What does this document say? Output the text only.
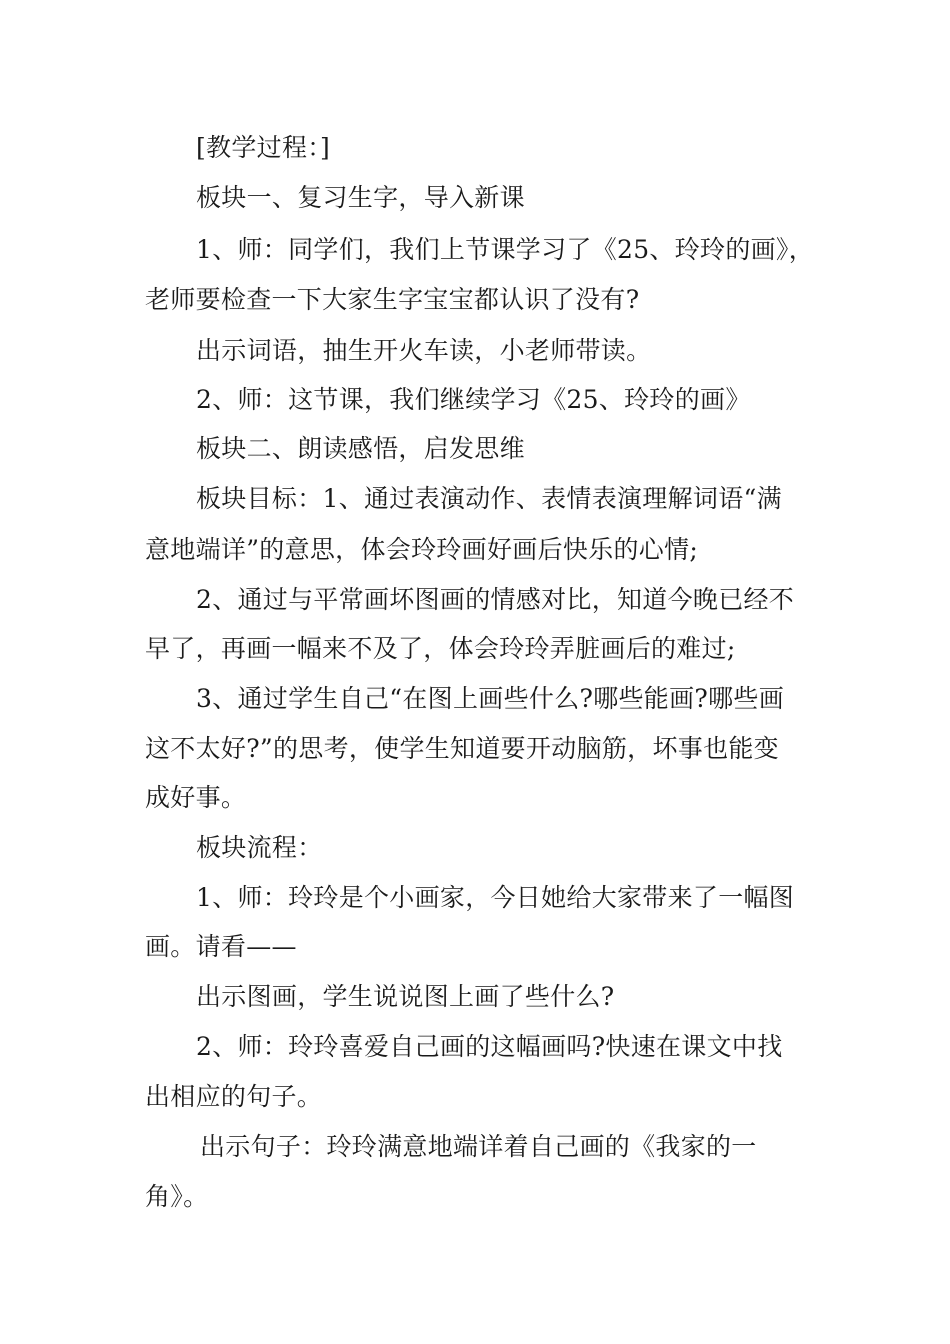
[教学过程：]
板块一、复习生字，导入新课
1、师：同学们，我们上节课学习了《25、玲玲的画》，
老师要检查一下大家生字宝宝都认识了没有?
出示词语，抽生开火车读，小老师带读。
2、师：这节课，我们继续学习《25、玲玲的画》
板块二、朗读感悟，启发思维
板块目标：1、通过表演动作、表情表演理解词语“满
意地端详”的意思，体会玲玲画好画后快乐的心情;
2、通过与平常画坏图画的情感对比，知道今晚已经不
早了，再画一幅来不及了，体会玲玲弄脏画后的难过;
3、通过学生自己“在图上画些什么?哪些能画?哪些画
这不太好?”的思考，使学生知道要开动脑筋，坏事也能变
成好事。
板块流程：
1、师：玲玲是个小画家，今日她给大家带来了一幅图
画。请看——
出示图画，学生说说图上画了些什么?
2、师：玲玲喜爱自己画的这幅画吗?快速在课文中找
出相应的句子。
出示句子：玲玲满意地端详着自己画的《我家的一
角》。
